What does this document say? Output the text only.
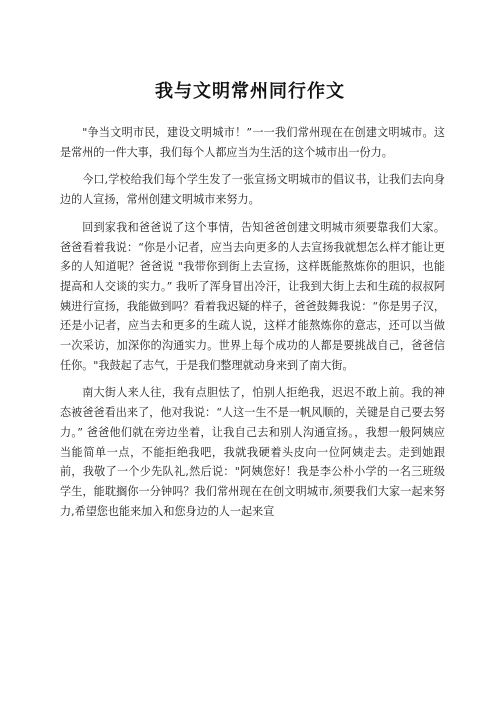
我与文明常州同行作文

"争当文明市民，建设文明城市！”一一我们常州现在在创建文明城市。这是常州的一件大事，我们每个人都应当为生活的这个城市出一份力。

今口,学校给我们每个学生发了一张宣扬文明城市的倡议书，让我们去向身边的人宣扬，常州创建文明城市来努力。

回到家我和爸爸说了这个事情，告知爸爸创建文明城市须要靠我们大家。爸爸看着我说：“你是小记者，应当去向更多的人去宣扬我就想怎么样才能让更多的人知道呢？爸爸说 "我带你到街上去宣扬，这样既能熬炼你的胆识，也能提高和人交谈的实力。” 我听了浑身冒出冷汗，让我到大街上去和生疏的叔叔阿姨进行宣扬，我能做到吗？看着我迟疑的样子，爸爸鼓舞我说：“你是男子汉，还是小记者，应当去和更多的生疏人说，这样才能熬炼你的意志，还可以当做一次采访，加深你的沟通实力。世界上每个成功的人都是要挑战自己，爸爸信任你。"我鼓起了志气，于是我们整理就动身来到了南大街。

南大街人来人往，我有点胆怯了，怕别人拒绝我，迟迟不敢上前。我的神态被爸爸看出来了，他对我说：“人这一生不是一帆风顺的，关键是自己要去努力。” 爸爸他们就在旁边坐着，让我自己去和别人沟通宣扬。，我想一般阿姨应当能简单一点，不能拒绝我吧，我就我硬着头皮向一位阿姨走去。走到她跟前，我敬了一个少先队礼,然后说："阿姨您好！我是李公朴小学的一名三班级学生，能耽搁你一分钟吗？我们常州现在在创文明城市,须要我们大家一起来努力,希望您也能来加入和您身边的人一起来宣
